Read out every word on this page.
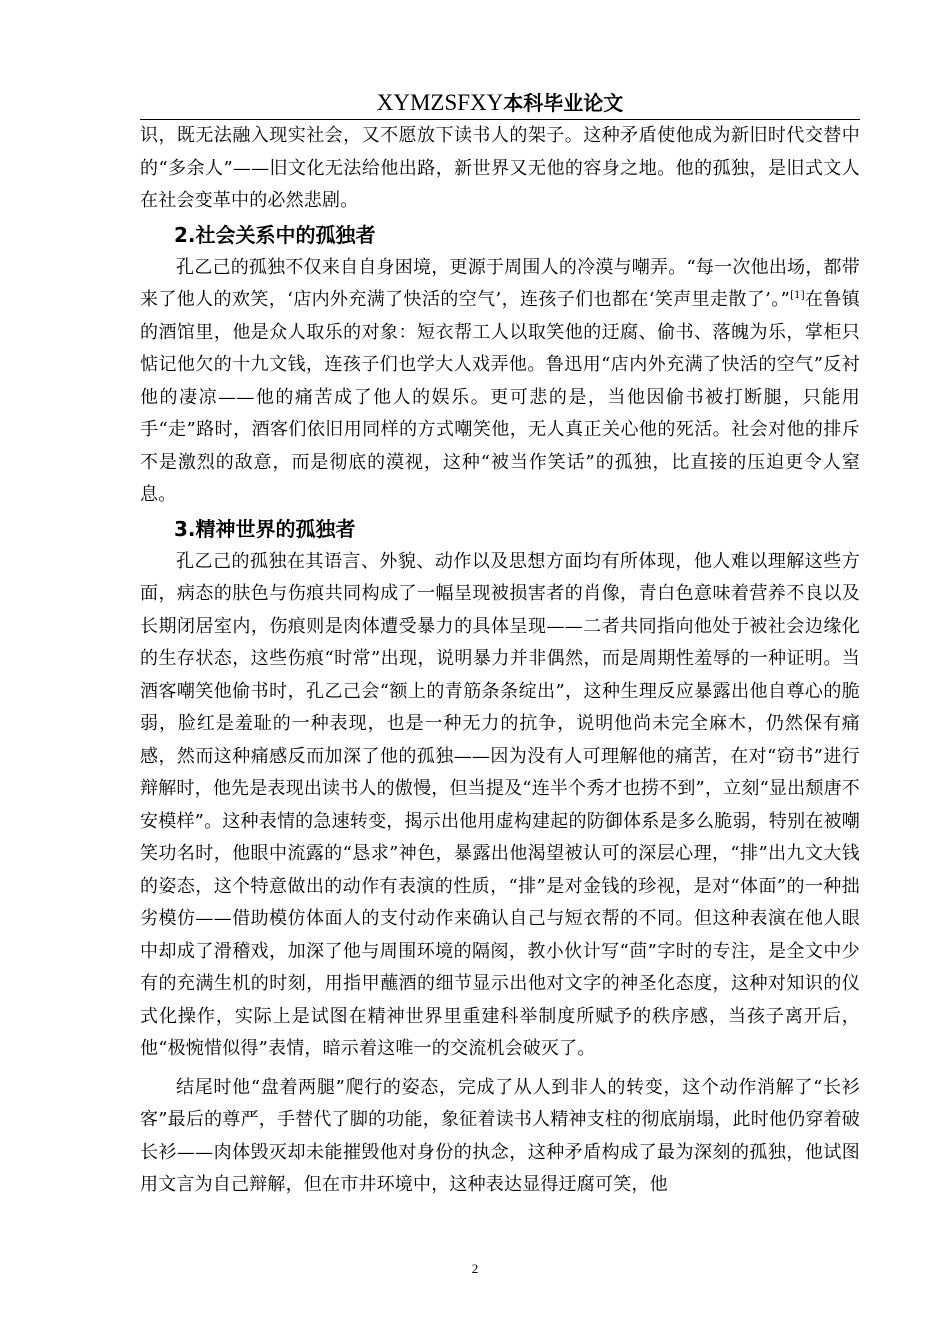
XYMZSFXY本科毕业论文

识，既无法融入现实社会，又不愿放下读书人的架子。这种矛盾使他成为新旧时代交替中的“多余人”——旧文化无法给他出路，新世界又无他的容身之地。他的孤独，是旧式文人在社会变革中的必然悲剧。

2.社会关系中的孤独者

孔乙己的孤独不仅来自自身困境，更源于周围人的冷漠与嘲弄。“每一次他出场，都带来了他人的欢笑，‘店内外充满了快活的空气’，连孩子们也都在‘笑声里走散了’。”[1]在鲁镇的酒馆里，他是众人取乐的对象：短衣帮工人以取笑他的迂腐、偷书、落魄为乐，掌柜只惦记他欠的十九文钱，连孩子们也学大人戏弄他。鲁迅用“店内外充满了快活的空气”反衬他的凄凉——他的痛苦成了他人的娱乐。更可悲的是，当他因偷书被打断腿，只能用手“走”路时，酒客们依旧用同样的方式嘲笑他，无人真正关心他的死活。社会对他的排斥不是激烈的敌意，而是彻底的漠视，这种“被当作笑话”的孤独，比直接的压迫更令人窒息。

3.精神世界的孤独者

孔乙己的孤独在其语言、外貌、动作以及思想方面均有所体现，他人难以理解这些方面，病态的肤色与伤痕共同构成了一幅呈现被损害者的肖像，青白色意味着营养不良以及长期闭居室内，伤痕则是肉体遭受暴力的具体呈现——二者共同指向他处于被社会边缘化的生存状态，这些伤痕“时常”出现，说明暴力并非偶然，而是周期性羞辱的一种证明。当酒客嘲笑他偷书时，孔乙己会“额上的青筋条条绽出”，这种生理反应暴露出他自尊心的脆弱，脸红是羞耻的一种表现，也是一种无力的抗争，说明他尚未完全麻木，仍然保有痛感，然而这种痛感反而加深了他的孤独——因为没有人可理解他的痛苦，在对“窃书”进行辩解时，他先是表现出读书人的傲慢，但当提及“连半个秀才也捞不到”，立刻“显出颓唐不安模样”。这种表情的急速转变，揭示出他用虚构建起的防御体系是多么脆弱，特别在被嘲笑功名时，他眼中流露的“恳求”神色，暴露出他渴望被认可的深层心理，“排”出九文大钱的姿态，这个特意做出的动作有表演的性质，“排”是对金钱的珍视，是对“体面”的一种拙劣模仿——借助模仿体面人的支付动作来确认自己与短衣帮的不同。但这种表演在他人眼中却成了滑稽戏，加深了他与周围环境的隔阂，教小伙计写“茴”字时的专注，是全文中少有的充满生机的时刻，用指甲蘸酒的细节显示出他对文字的神圣化态度，这种对知识的仪式化操作，实际上是试图在精神世界里重建科举制度所赋予的秩序感，当孩子离开后，他“极惋惜似得”表情，暗示着这唯一的交流机会破灭了。

结尾时他“盘着两腿”爬行的姿态，完成了从人到非人的转变，这个动作消解了“长衫客”最后的尊严，手替代了脚的功能，象征着读书人精神支柱的彻底崩塌，此时他仍穿着破长衫——肉体毁灭却未能摧毁他对身份的执念，这种矛盾构成了最为深刻的孤独，他试图用文言为自己辩解，但在市井环境中，这种表达显得迂腐可笑，他

2
